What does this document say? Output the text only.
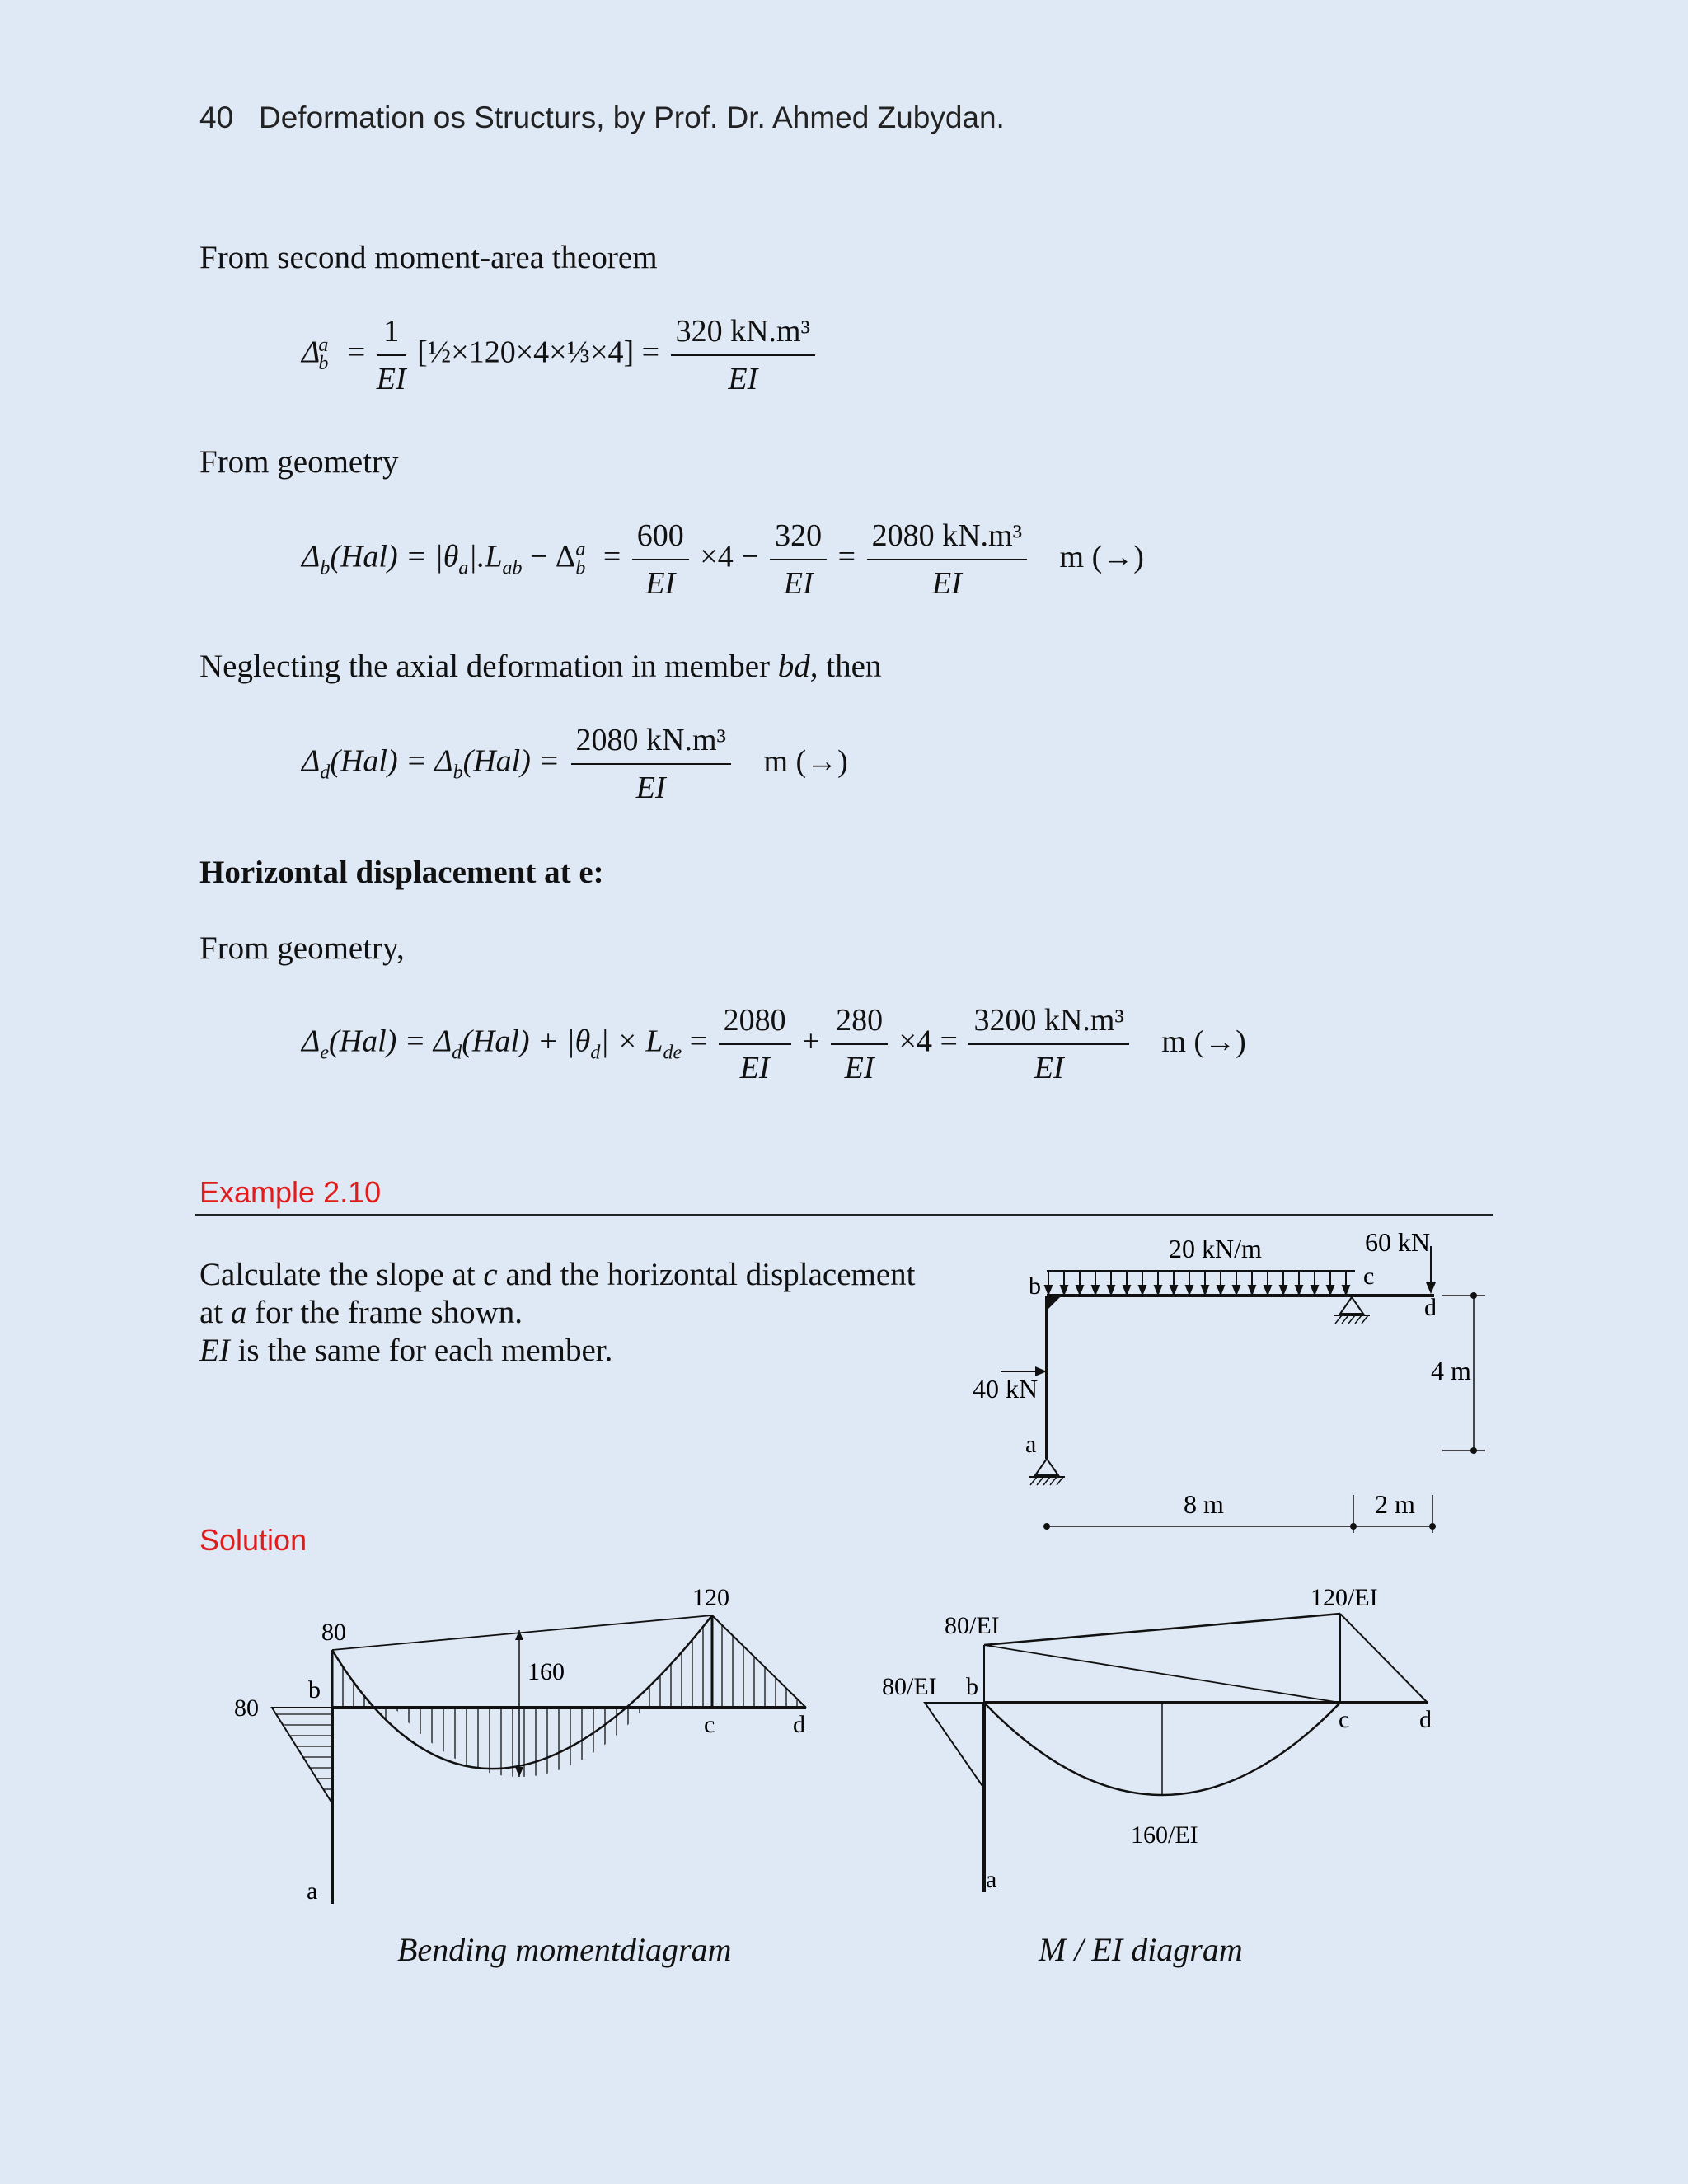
40 Deformation os Structurs, by Prof. Dr. Ahmed Zubydan.
From second moment-area theorem
$\Delta_b^a = \frac{1}{EI}$ [½×120×4×⅓×4] = $\frac{\text{320 kN.m³}}{EI}$
From geometry
$\Delta_b(Hal) = |\theta_a|.L_{ab} - \Delta_b^a = \frac{600}{EI} \times 4 - \frac{320}{EI} = \frac{\text{2080 kN.m³}}{EI}$ m (→)
Neglecting the axial deformation in member bd, then
$\Delta_d(Hal) = \Delta_b(Hal) = \frac{\text{2080 kN.m³}}{EI}$ m (→)
Horizontal displacement at e:
From geometry,
$\Delta_e(Hal) = \Delta_d(Hal) + |\theta_d| \times L_{de} = \frac{2080}{EI} + \frac{280}{EI} \times 4 = \frac{\text{3200 kN.m³}}{EI}$ m (→)
Example 2.10
Calculate the slope at c and the horizontal displacement
at a for the frame shown.
EI is the same for each member.
Solution
20 kN/m	60 kN
40 kN
b	c
d
a
4 m
8 m	2 m
80
80
120
160
b
c	d
a
Bending momentdiagram
80/EI
80/EI
120/EI
160/EI
b
c	d
a
M / EI diagram
